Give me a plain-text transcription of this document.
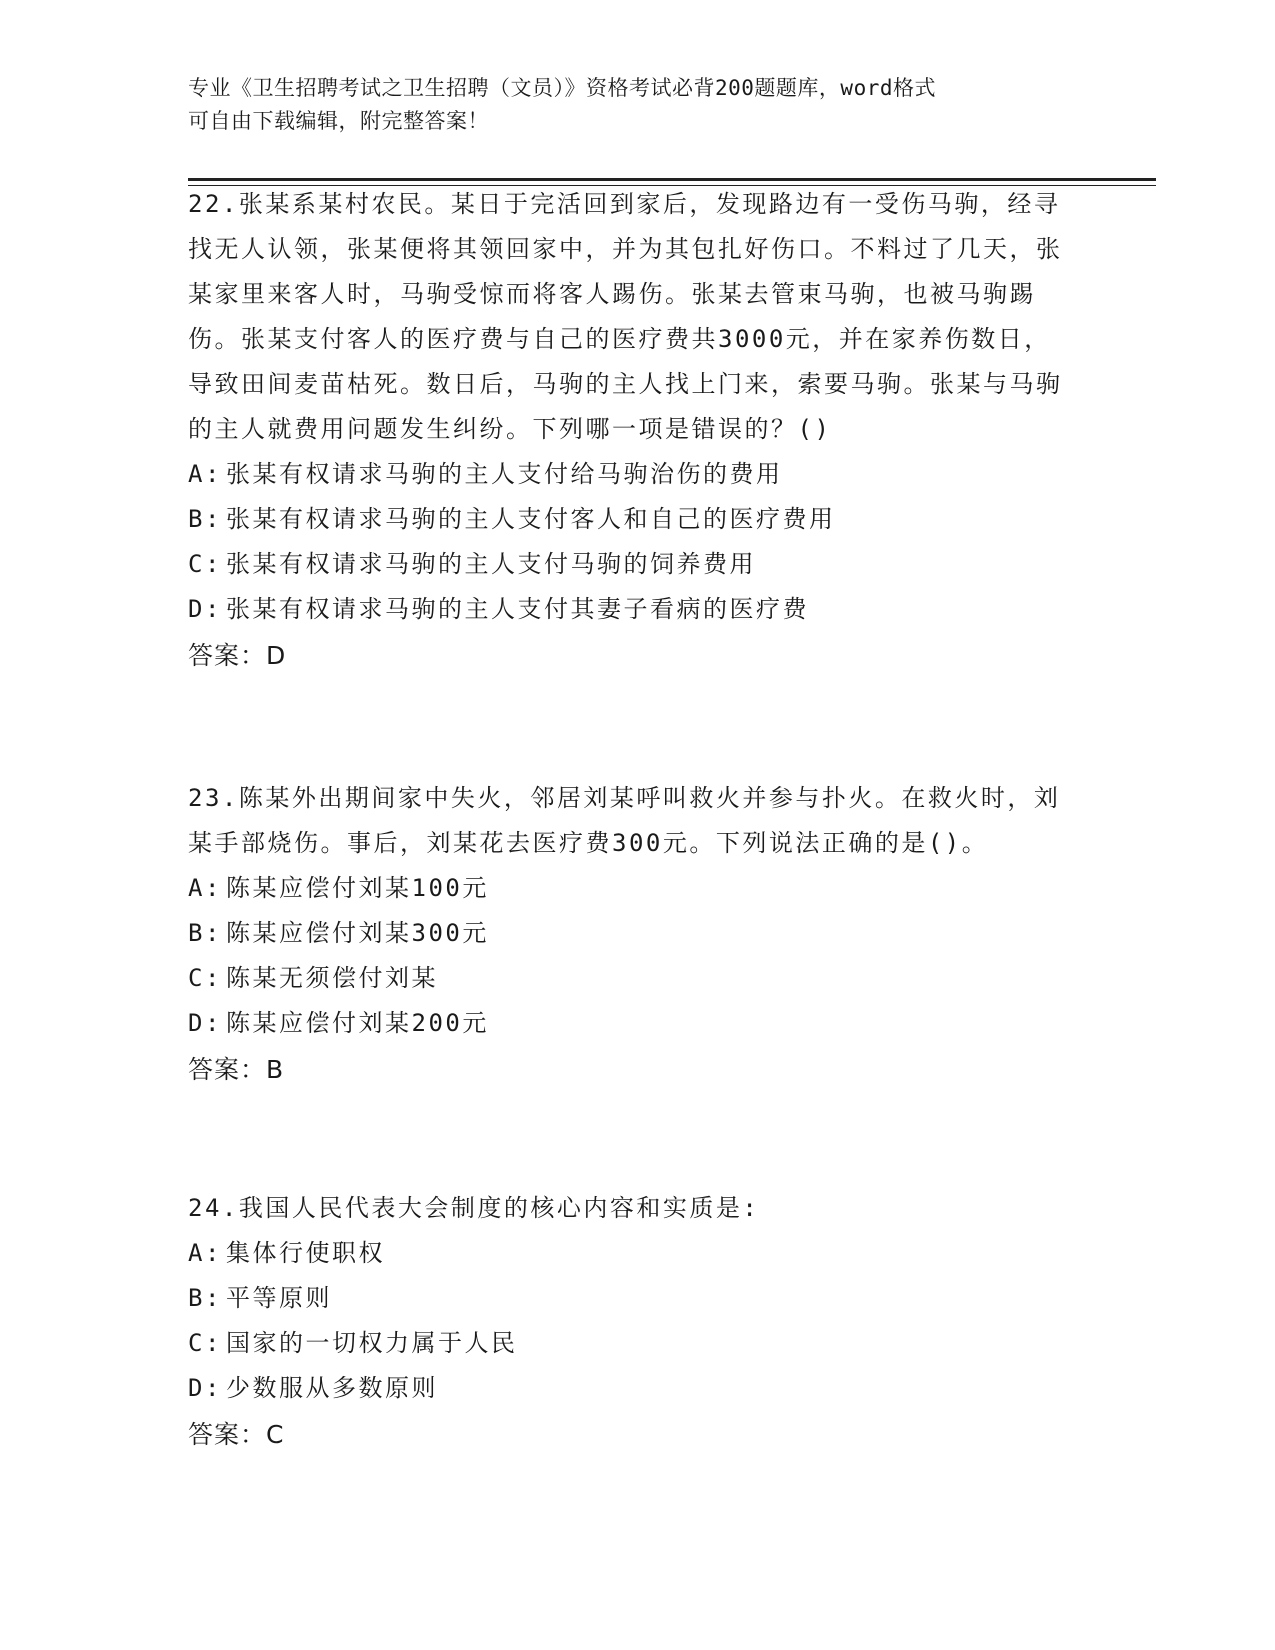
专业《卫生招聘考试之卫生招聘（文员）》资格考试必背200题题库，word格式
可自由下载编辑，附完整答案！

22.张某系某村农民。某日于完活回到家后，发现路边有一受伤马驹，经寻找无人认领，张某便将其领回家中，并为其包扎好伤口。不料过了几天，张某家里来客人时，马驹受惊而将客人踢伤。张某去管束马驹，也被马驹踢伤。张某支付客人的医疗费与自己的医疗费共3000元，并在家养伤数日，导致田间麦苗枯死。数日后，马驹的主人找上门来，索要马驹。张某与马驹的主人就费用问题发生纠纷。下列哪一项是错误的？()

A: 张某有权请求马驹的主人支付给马驹治伤的费用
B: 张某有权请求马驹的主人支付客人和自己的医疗费用
C: 张某有权请求马驹的主人支付马驹的饲养费用
D: 张某有权请求马驹的主人支付其妻子看病的医疗费
答案：D

23.陈某外出期间家中失火，邻居刘某呼叫救火并参与扑火。在救火时，刘某手部烧伤。事后，刘某花去医疗费300元。下列说法正确的是()。

A: 陈某应偿付刘某100元
B: 陈某应偿付刘某300元
C: 陈某无须偿付刘某
D: 陈某应偿付刘某200元
答案：B

24.我国人民代表大会制度的核心内容和实质是:

A: 集体行使职权
B: 平等原则
C: 国家的一切权力属于人民
D: 少数服从多数原则
答案：C
